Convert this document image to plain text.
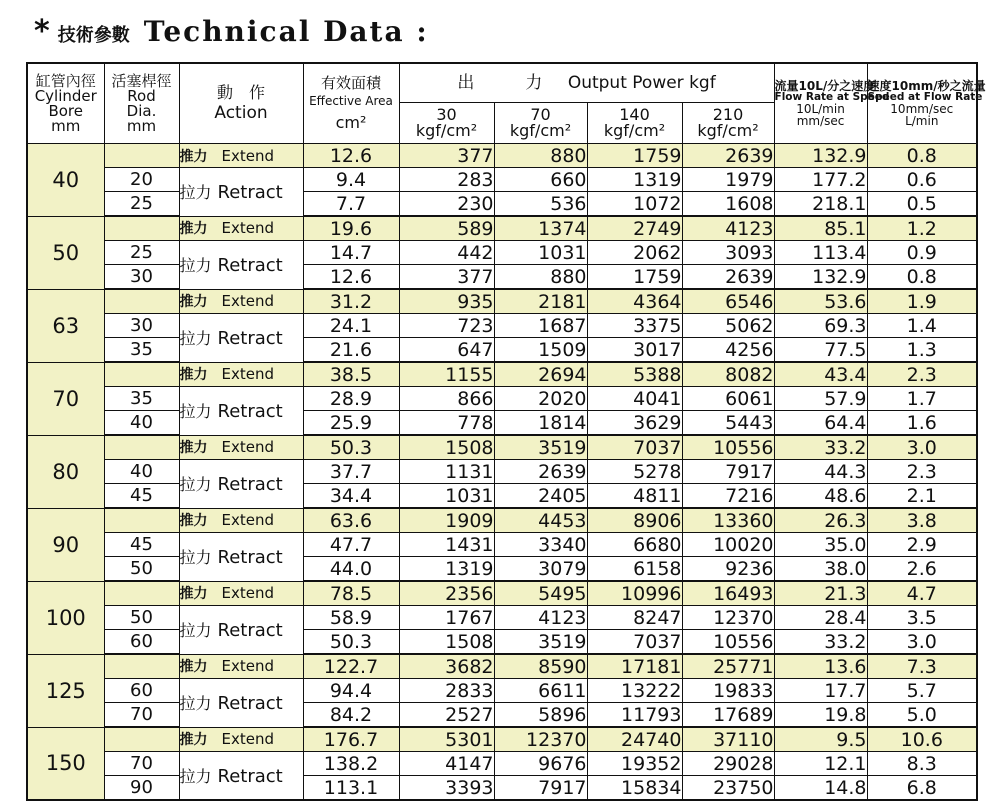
* 技術參數 Technical Data :
缸管內徑
Cylinder
Bore
mm	活塞桿徑
Rod
Dia.
mm	動　作
Action	有效面積
Effective Area
cm²	出    力   Output Power kgf				流量10L/分之速度
Flow Rate at Speed
10L/min
mm/sec	速度10mm/秒之流量
Speed at Flow Rate
10mm/sec
L/min

				30
kgf/cm²	70
kgf/cm²	140
kgf/cm²	210
kgf/cm²		

40		推力 Extend	12.6	377	880	1759	2639	132.9	0.8
	20	拉力 Retract	9.4	283	660	1319	1979	177.2	0.6
	25		7.7	230	536	1072	1608	218.1	0.5
50		推力 Extend	19.6	589	1374	2749	4123	85.1	1.2
	25	拉力 Retract	14.7	442	1031	2062	3093	113.4	0.9
	30		12.6	377	880	1759	2639	132.9	0.8
63		推力 Extend	31.2	935	2181	4364	6546	53.6	1.9
	30	拉力 Retract	24.1	723	1687	3375	5062	69.3	1.4
	35		21.6	647	1509	3017	4256	77.5	1.3
70		推力 Extend	38.5	1155	2694	5388	8082	43.4	2.3
	35	拉力 Retract	28.9	866	2020	4041	6061	57.9	1.7
	40		25.9	778	1814	3629	5443	64.4	1.6
80		推力 Extend	50.3	1508	3519	7037	10556	33.2	3.0
	40	拉力 Retract	37.7	1131	2639	5278	7917	44.3	2.3
	45		34.4	1031	2405	4811	7216	48.6	2.1
90		推力 Extend	63.6	1909	4453	8906	13360	26.3	3.8
	45	拉力 Retract	47.7	1431	3340	6680	10020	35.0	2.9
	50		44.0	1319	3079	6158	9236	38.0	2.6
100		推力 Extend	78.5	2356	5495	10996	16493	21.3	4.7
	50	拉力 Retract	58.9	1767	4123	8247	12370	28.4	3.5
	60		50.3	1508	3519	7037	10556	33.2	3.0
125		推力 Extend	122.7	3682	8590	17181	25771	13.6	7.3
	60	拉力 Retract	94.4	2833	6611	13222	19833	17.7	5.7
	70		84.2	2527	5896	11793	17689	19.8	5.0
150		推力 Extend	176.7	5301	12370	24740	37110	9.5	10.6
	70	拉力 Retract	138.2	4147	9676	19352	29028	12.1	8.3
	90		113.1	3393	7917	15834	23750	14.8	6.8
